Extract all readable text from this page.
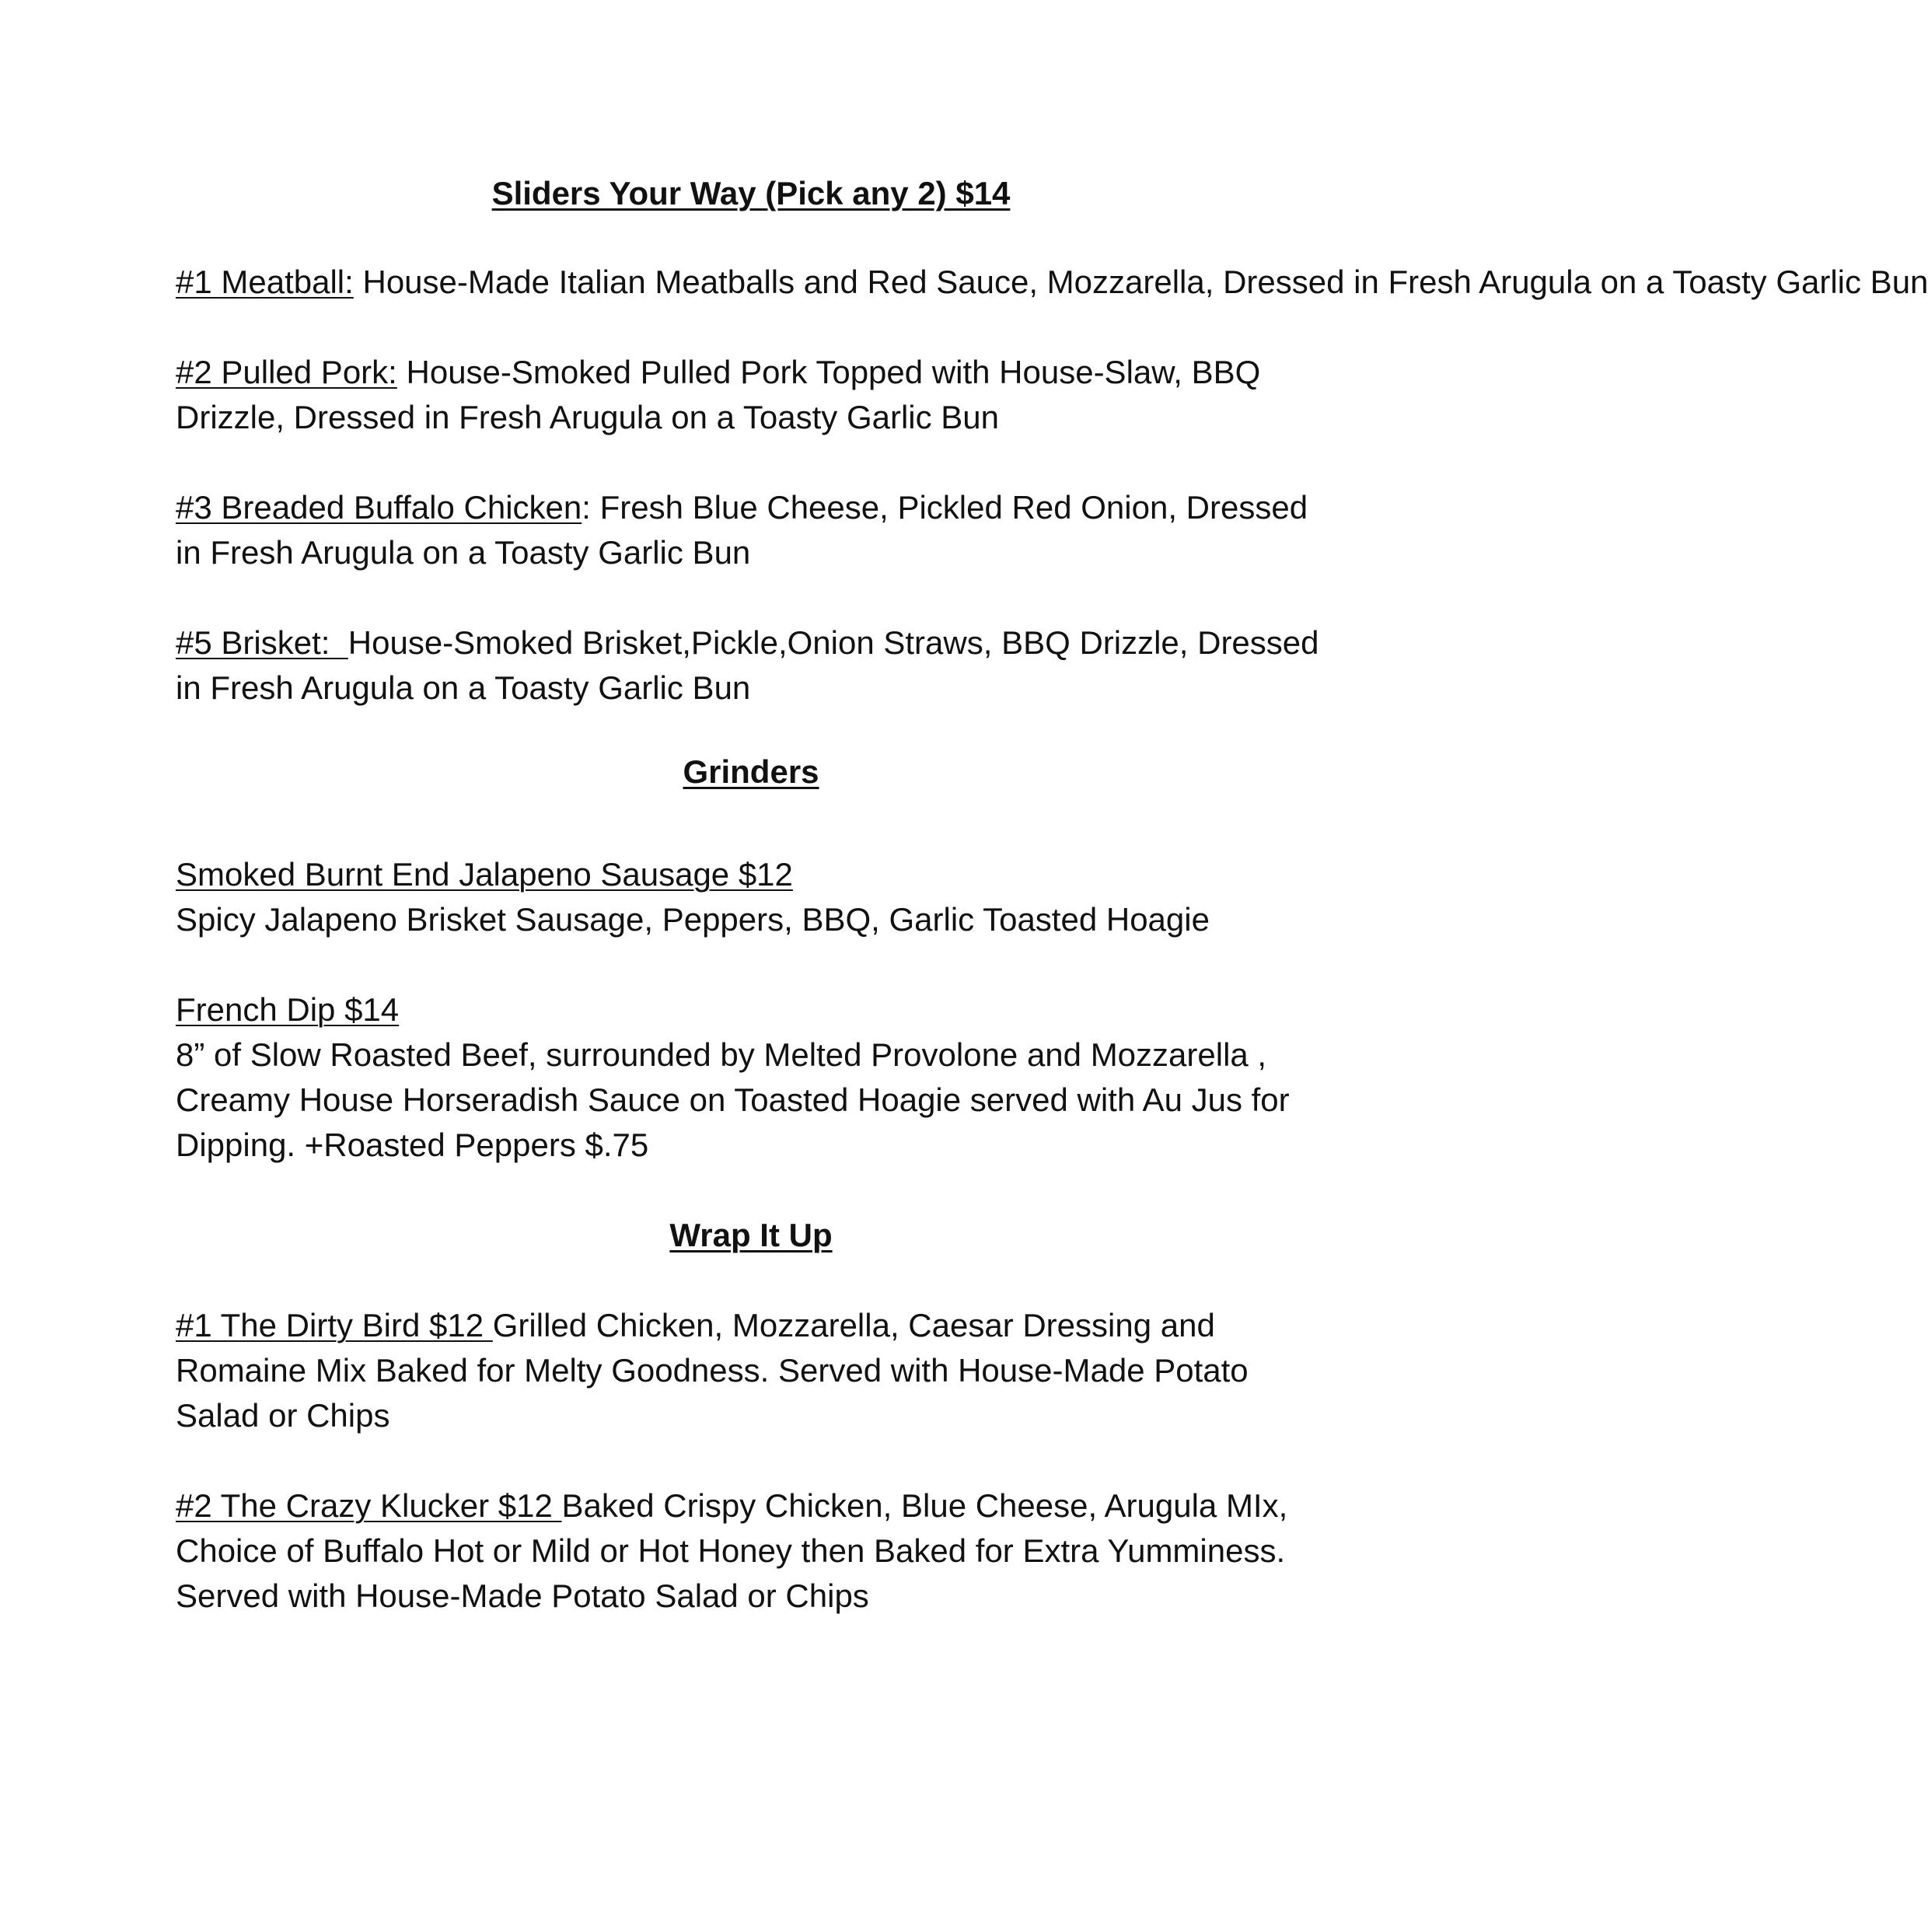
Sliders Your Way (Pick any 2) $14

#1 Meatball: House-Made Italian Meatballs and Red Sauce, Mozzarella, Dressed in Fresh Arugula on a Toasty Garlic Bun

#2 Pulled Pork: House-Smoked Pulled Pork Topped with House-Slaw, BBQ Drizzle, Dressed in Fresh Arugula on a Toasty Garlic Bun

#3 Breaded Buffalo Chicken: Fresh Blue Cheese, Pickled Red Onion, Dressed in Fresh Arugula on a Toasty Garlic Bun

#5 Brisket:  House-Smoked Brisket,Pickle,Onion Straws, BBQ Drizzle, Dressed in Fresh Arugula on a Toasty Garlic Bun

Grinders
Smoked Burnt End Jalapeno Sausage $12
Spicy Jalapeno Brisket Sausage, Peppers, BBQ, Garlic Toasted Hoagie
French Dip $14
8” of Slow Roasted Beef, surrounded by Melted Provolone and Mozzarella , Creamy House Horseradish Sauce on Toasted Hoagie served with Au Jus for Dipping. +Roasted Peppers $.75
Wrap It Up

#1 The Dirty Bird $12 Grilled Chicken, Mozzarella, Caesar Dressing and Romaine Mix Baked for Melty Goodness. Served with House-Made Potato Salad or Chips

#2 The Crazy Klucker $12 Baked Crispy Chicken, Blue Cheese, Arugula MIx, Choice of Buffalo Hot or Mild or Hot Honey then Baked for Extra Yumminess. Served with House-Made Potato Salad or Chips
